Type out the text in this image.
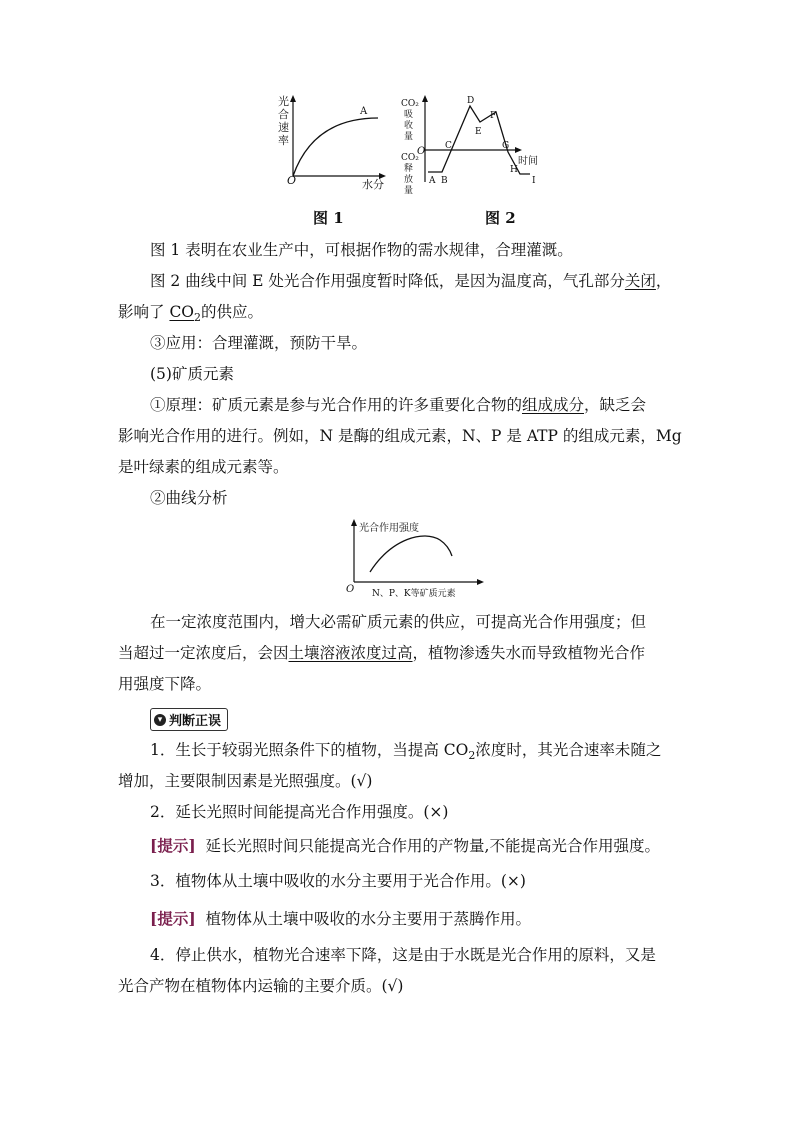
光
合
速
率
O	水分
A
CO₂
吸
收
量
CO₂
释
放
量
O
时间
A B
C
D
E
F
G
H
I
图 1	图 2

图 1 表明在农业生产中，可根据作物的需水规律，合理灌溉。

图 2 曲线中间 E 处光合作用强度暂时降低，是因为温度高，气孔部分关闭，

影响了 $CO_2$的供应。

③应用：合理灌溉，预防干旱。

(5)矿质元素

①原理：矿质元素是参与光合作用的许多重要化合物的组成成分，缺乏会

影响光合作用的进行。例如，N 是酶的组成元素，N、P 是 ATP 的组成元素，Mg

是叶绿素的组成元素等。

②曲线分析

光合作用强度
O N、P、K等矿质元素

在一定浓度范围内，增大必需矿质元素的供应，可提高光合作用强度；但

当超过一定浓度后，会因土壤溶液浓度过高，植物渗透失水而导致植物光合作

用强度下降。

▾ 判断正误

1．生长于较弱光照条件下的植物，当提高 $CO_2$浓度时，其光合速率未随之

增加，主要限制因素是光照强度。(√)

2．延长光照时间能提高光合作用强度。(×)

[提示] 延长光照时间只能提高光合作用的产物量,不能提高光合作用强度。

3．植物体从土壤中吸收的水分主要用于光合作用。(×)

[提示] 植物体从土壤中吸收的水分主要用于蒸腾作用。

4．停止供水，植物光合速率下降，这是由于水既是光合作用的原料，又是

光合产物在植物体内运输的主要介质。(√)
